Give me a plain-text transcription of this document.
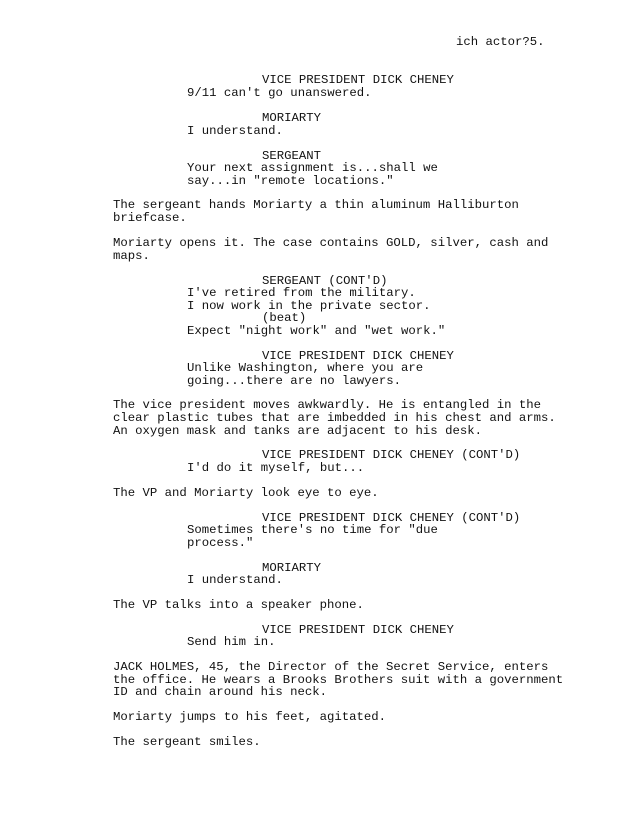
ich actor?5.
VICE PRESIDENT DICK CHENEY
9/11 can't go unanswered.
MORIARTY
I understand.
SERGEANT
Your next assignment is...shall we
say...in "remote locations."
The sergeant hands Moriarty a thin aluminum Halliburton
briefcase.
Moriarty opens it. The case contains GOLD, silver, cash and
maps.
SERGEANT (CONT'D)
I've retired from the military.
I now work in the private sector.
(beat)
Expect "night work" and "wet work."
VICE PRESIDENT DICK CHENEY
Unlike Washington, where you are
going...there are no lawyers.
The vice president moves awkwardly. He is entangled in the
clear plastic tubes that are imbedded in his chest and arms.
An oxygen mask and tanks are adjacent to his desk.
VICE PRESIDENT DICK CHENEY (CONT'D)
I'd do it myself, but...
The VP and Moriarty look eye to eye.
VICE PRESIDENT DICK CHENEY (CONT'D)
Sometimes there's no time for "due
process."
MORIARTY
I understand.
The VP talks into a speaker phone.
VICE PRESIDENT DICK CHENEY
Send him in.
JACK HOLMES, 45, the Director of the Secret Service, enters
the office. He wears a Brooks Brothers suit with a government
ID and chain around his neck.
Moriarty jumps to his feet, agitated.
The sergeant smiles.
